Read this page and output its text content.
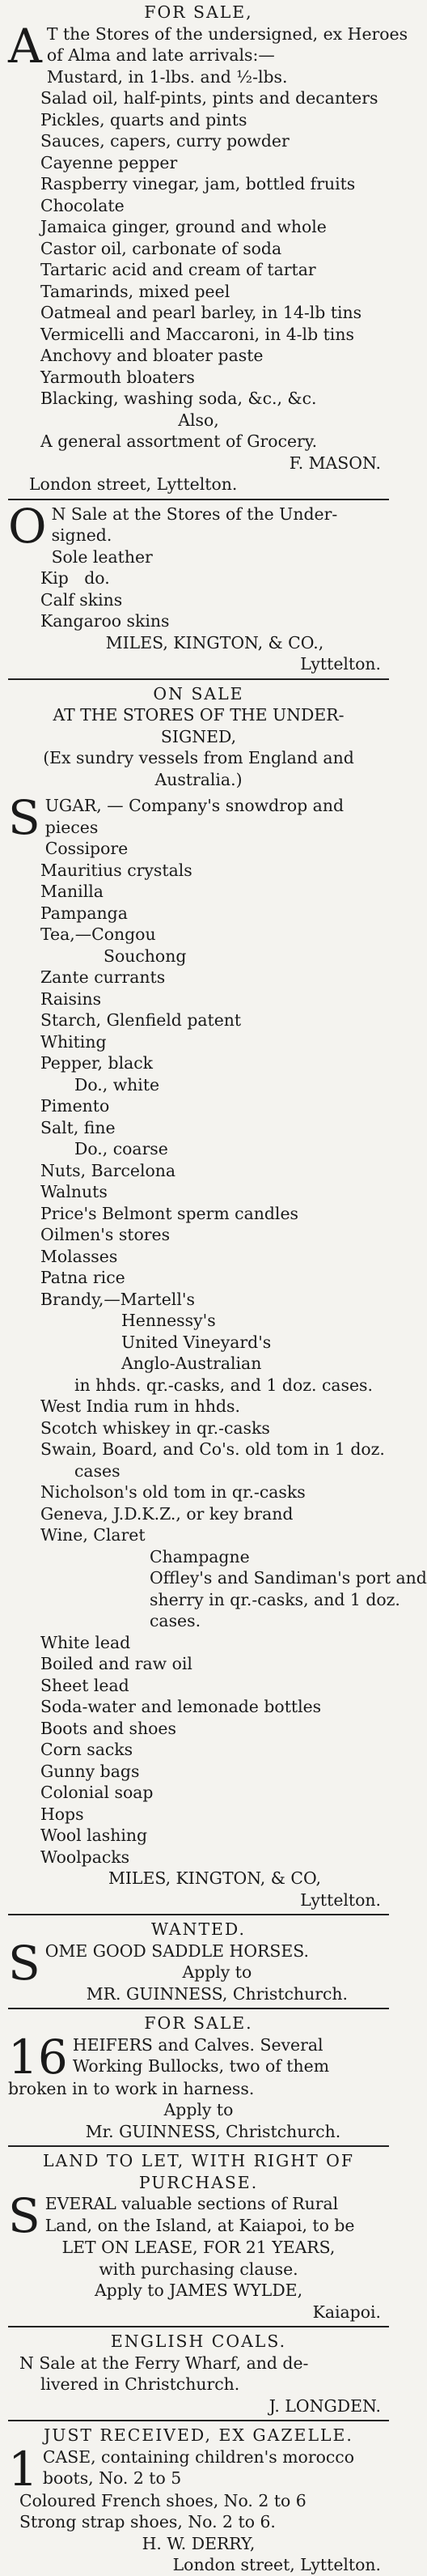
FOR SALE,
A T the Stores of the undersigned, ex Heroes
of Alma and late arrivals:—
Mustard, in 1-lbs. and ½-lbs.
Salad oil, half-pints, pints and decanters
Pickles, quarts and pints
Sauces, capers, curry powder
Cayenne pepper
Raspberry vinegar, jam, bottled fruits
Chocolate
Jamaica ginger, ground and whole
Castor oil, carbonate of soda
Tartaric acid and cream of tartar
Tamarinds, mixed peel
Oatmeal and pearl barley, in 14-lb tins
Vermicelli and Maccaroni, in 4-lb tins
Anchovy and bloater paste
Yarmouth bloaters
Blacking, washing soda, &c., &c.
Also,
A general assortment of Grocery.
F. MASON.
London street, Lyttelton.
O N Sale at the Stores of the Under-
signed.
Sole leather
Kip   do.
Calf skins
Kangaroo skins
MILES, KINGTON, & CO.,
Lyttelton.
ON SALE
AT THE STORES OF THE UNDER-
SIGNED,
(Ex sundry vessels from England and
Australia.)
S UGAR, — Company's snowdrop and
pieces
Cossipore
Mauritius crystals
Manilla
Pampanga
Tea,—Congou
Souchong
Zante currants
Raisins
Starch, Glenfield patent
Whiting
Pepper, black
Do., white
Pimento
Salt, fine
Do., coarse
Nuts, Barcelona
Walnuts
Price's Belmont sperm candles
Oilmen's stores
Molasses
Patna rice
Brandy,—Martell's
Hennessy's
United Vineyard's
Anglo-Australian
in hhds. qr.-casks, and 1 doz. cases.
West India rum in hhds.
Scotch whiskey in qr.-casks
Swain, Board, and Co's. old tom in 1 doz.
cases
Nicholson's old tom in qr.-casks
Geneva, J.D.K.Z., or key brand
Wine, Claret
Champagne
Offley's and Sandiman's port and
sherry in qr.-casks, and 1 doz.
cases.
White lead
Boiled and raw oil
Sheet lead
Soda-water and lemonade bottles
Boots and shoes
Corn sacks
Gunny bags
Colonial soap
Hops
Wool lashing
Woolpacks
MILES, KINGTON, & CO,
Lyttelton.
WANTED.
S OME GOOD SADDLE HORSES.
Apply to
MR. GUINNESS, Christchurch.
FOR SALE.
16 HEIFERS and Calves. Several
Working Bullocks, two of them
broken in to work in harness.
Apply to
Mr. GUINNESS, Christchurch.
LAND TO LET, WITH RIGHT OF
PURCHASE.
S EVERAL valuable sections of Rural
Land, on the Island, at Kaiapoi, to be
LET ON LEASE, FOR 21 YEARS,
with purchasing clause.
Apply to JAMES WYLDE,
Kaiapoi.
ENGLISH COALS.
N Sale at the Ferry Wharf, and de-
livered in Christchurch.
J. LONGDEN.
JUST RECEIVED, EX GAZELLE.
1 CASE, containing children's morocco
boots, No. 2 to 5
Coloured French shoes, No. 2 to 6
Strong strap shoes, No. 2 to 6.
H. W. DERRY,
London street, Lyttelton.
